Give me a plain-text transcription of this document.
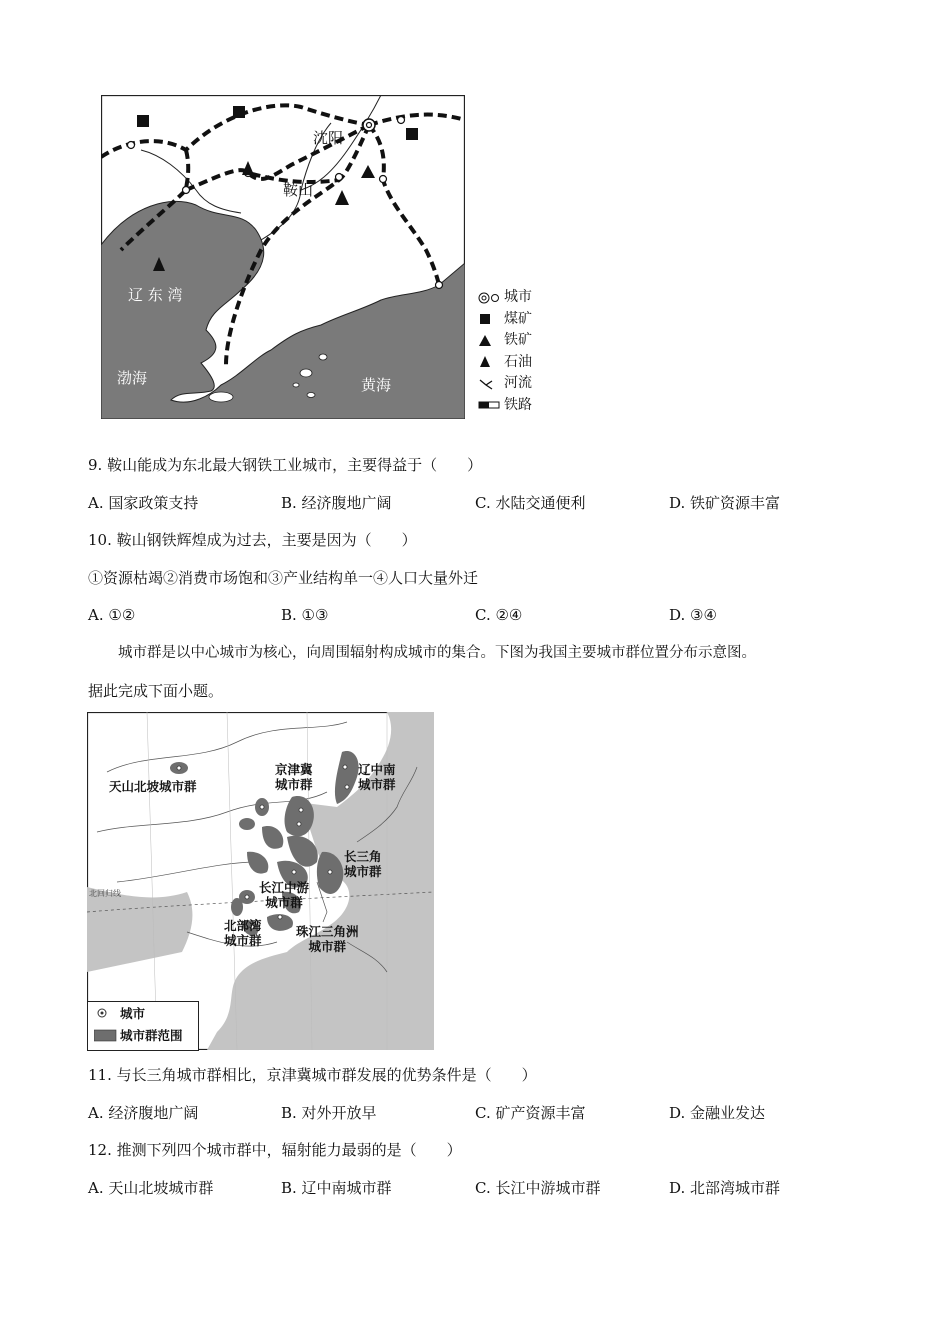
沈阳
鞍山
辽 东 湾
渤海	黄海
城市
煤矿
铁矿
石油
河流
铁路
9. 鞍山能成为东北最大钢铁工业城市，主要得益于（　　）
A. 国家政策支持	B. 经济腹地广阔	C. 水陆交通便利	D. 铁矿资源丰富
10. 鞍山钢铁辉煌成为过去，主要是因为（　　）
①资源枯竭②消费市场饱和③产业结构单一④人口大量外迁
A. ①②	B. ①③	C. ②④	D. ③④
城市群是以中心城市为核心，向周围辐射构成城市的集合。下图为我国主要城市群位置分布示意图。
据此完成下面小题。
天山北坡城市群
京津冀
城市群
辽中南
城市群
长三角
城市群
长江中游
城市群
北部湾
城市群
珠江三角洲
城市群
北回归线
城市
城市群范围
11. 与长三角城市群相比，京津冀城市群发展的优势条件是（　　）
A. 经济腹地广阔	B. 对外开放早	C. 矿产资源丰富	D. 金融业发达
12. 推测下列四个城市群中，辐射能力最弱的是（　　）
A. 天山北坡城市群	B. 辽中南城市群	C. 长江中游城市群	D. 北部湾城市群
